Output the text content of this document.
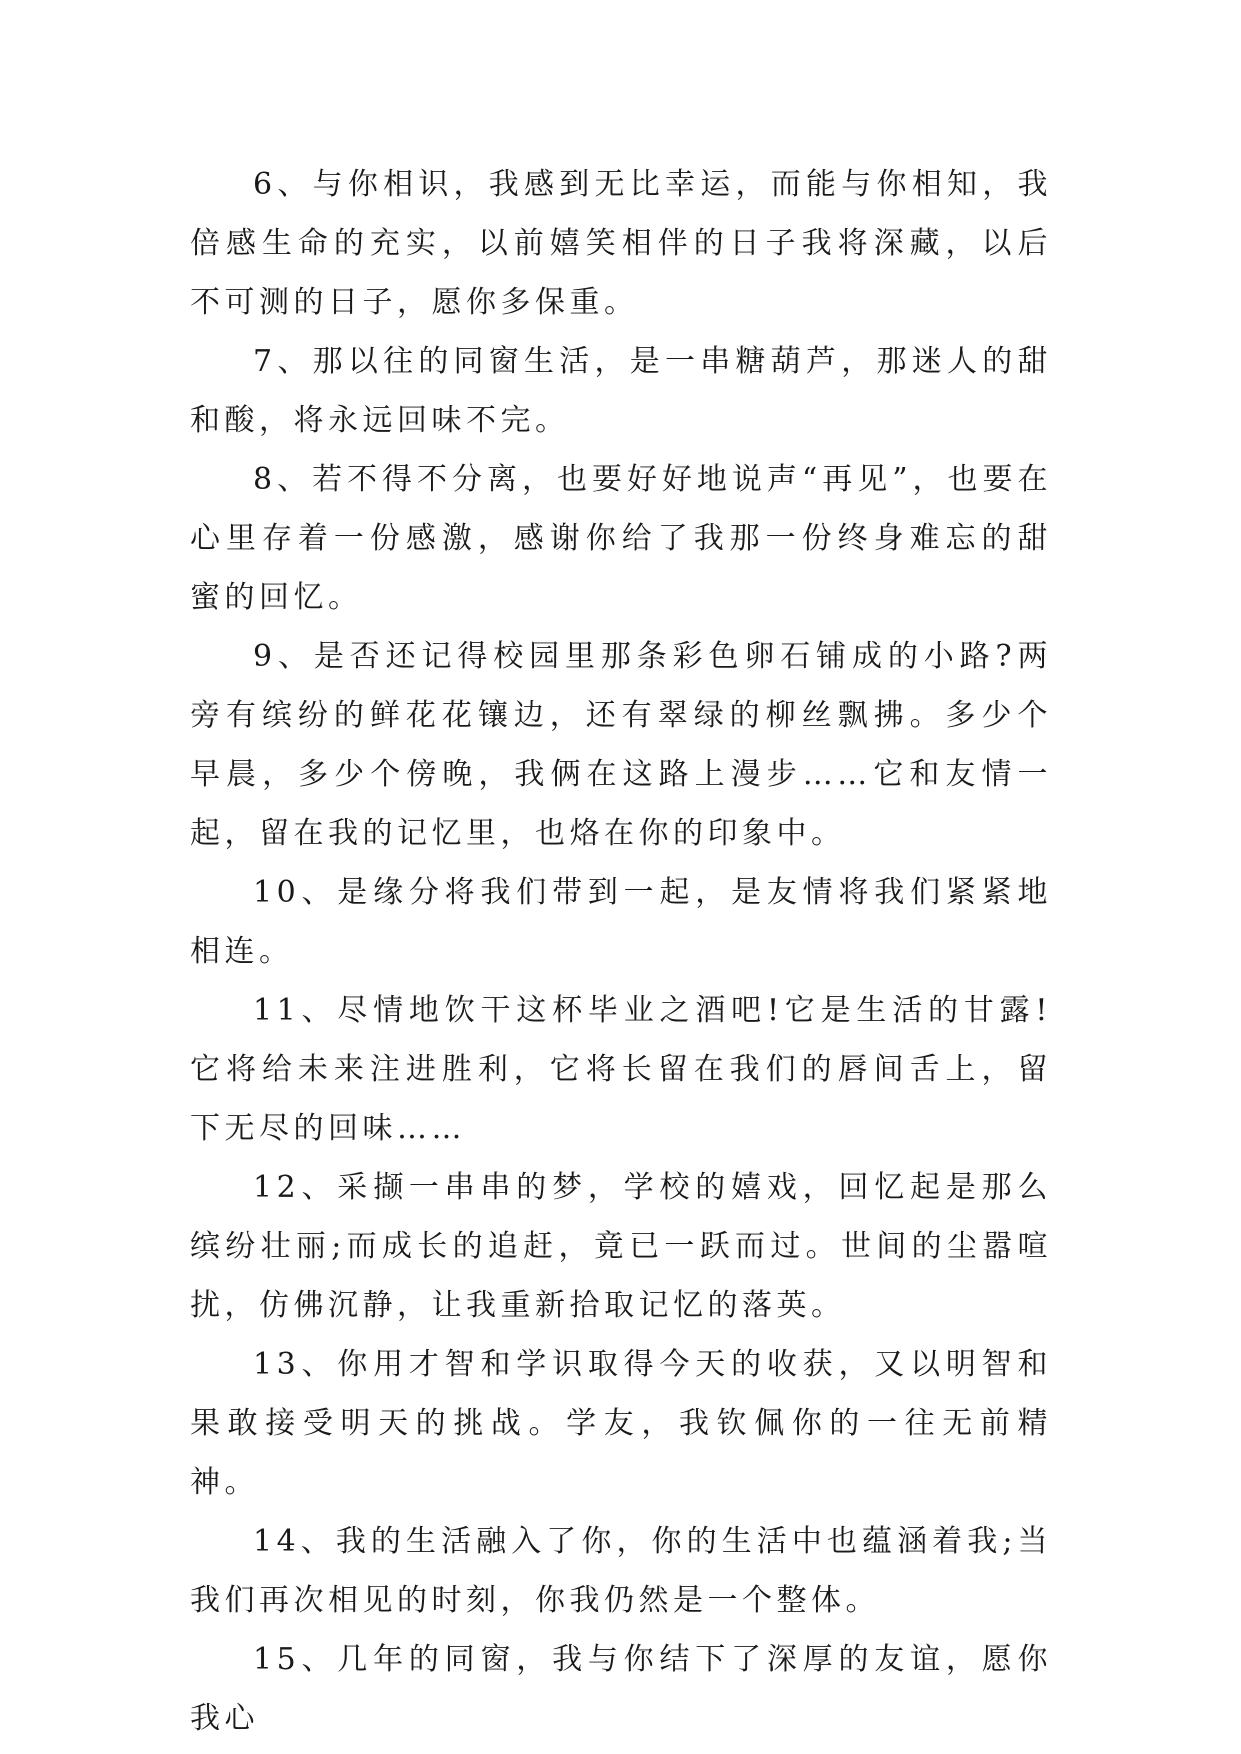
6、与你相识，我感到无比幸运，而能与你相知，我倍感生命的充实，以前嬉笑相伴的日子我将深藏，以后不可测的日子，愿你多保重。

7、那以往的同窗生活，是一串糖葫芦，那迷人的甜和酸，将永远回味不完。

8、若不得不分离，也要好好地说声“再见”，也要在心里存着一份感激，感谢你给了我那一份终身难忘的甜蜜的回忆。

9、是否还记得校园里那条彩色卵石铺成的小路?两旁有缤纷的鲜花花镶边，还有翠绿的柳丝飘拂。多少个早晨，多少个傍晚，我俩在这路上漫步……它和友情一起，留在我的记忆里，也烙在你的印象中。

10、是缘分将我们带到一起，是友情将我们紧紧地相连。

11、尽情地饮干这杯毕业之酒吧!它是生活的甘露!它将给未来注进胜利，它将长留在我们的唇间舌上，留下无尽的回味……

12、采撷一串串的梦，学校的嬉戏，回忆起是那么缤纷壮丽;而成长的追赶，竟已一跃而过。世间的尘嚣喧扰，仿佛沉静，让我重新拾取记忆的落英。

13、你用才智和学识取得今天的收获，又以明智和果敢接受明天的挑战。学友，我钦佩你的一往无前精神。

14、我的生活融入了你，你的生活中也蕴涵着我;当我们再次相见的时刻，你我仍然是一个整体。

15、几年的同窗，我与你结下了深厚的友谊，愿你我心
